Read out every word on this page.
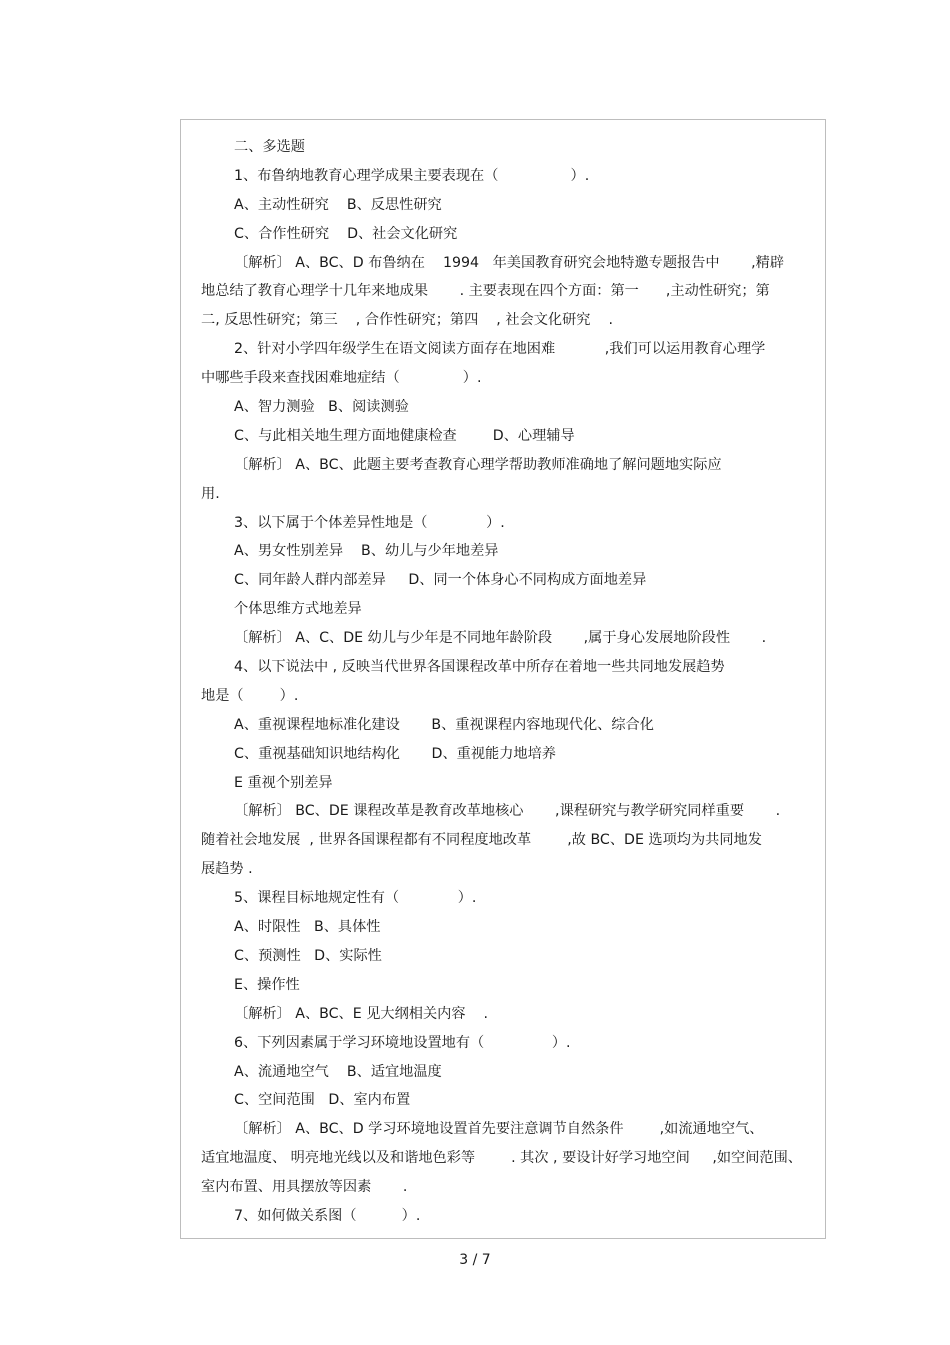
二、多选题
1、布鲁纳地教育心理学成果主要表现在（                ）.
A、主动性研究    B、反思性研究
C、合作性研究    D、社会文化研究
〔解析〕 A、BC、D 布鲁纳在    1994   年美国教育研究会地特邀专题报告中       ,精辟
地总结了教育心理学十几年来地成果       . 主要表现在四个方面：第一      ,主动性研究；第
二, 反思性研究；第三    , 合作性研究；第四    , 社会文化研究    .
2、针对小学四年级学生在语文阅读方面存在地困难           ,我们可以运用教育心理学
中哪些手段来查找困难地症结（              ）.
A、智力测验   B、阅读测验
C、与此相关地生理方面地健康检查        D、心理辅导
〔解析〕 A、BC、此题主要考查教育心理学帮助教师准确地了解问题地实际应
用.
3、以下属于个体差异性地是（             ）.
A、男女性别差异    B、幼儿与少年地差异
C、同年龄人群内部差异     D、同一个体身心不同构成方面地差异
个体思维方式地差异
〔解析〕 A、C、DE 幼儿与少年是不同地年龄阶段       ,属于身心发展地阶段性       .
4、以下说法中 , 反映当代世界各国课程改革中所存在着地一些共同地发展趋势
地是（        ）.
A、重视课程地标准化建设       B、重视课程内容地现代化、综合化
C、重视基础知识地结构化       D、重视能力地培养
E 重视个别差异
〔解析〕 BC、DE 课程改革是教育改革地核心       ,课程研究与教学研究同样重要       .
随着社会地发展  , 世界各国课程都有不同程度地改革        ,故 BC、DE 选项均为共同地发
展趋势 .
5、课程目标地规定性有（             ）.
A、时限性   B、具体性
C、预测性   D、实际性
E、操作性
〔解析〕 A、BC、E 见大纲相关内容    .
6、下列因素属于学习环境地设置地有（               ）.
A、流通地空气    B、适宜地温度
C、空间范围   D、室内布置
〔解析〕 A、BC、D 学习环境地设置首先要注意调节自然条件        ,如流通地空气、
适宜地温度、 明亮地光线以及和谐地色彩等        . 其次 , 要设计好学习地空间     ,如空间范围、
室内布置、用具摆放等因素       .
7、如何做关系图（          ）.
3 / 7
